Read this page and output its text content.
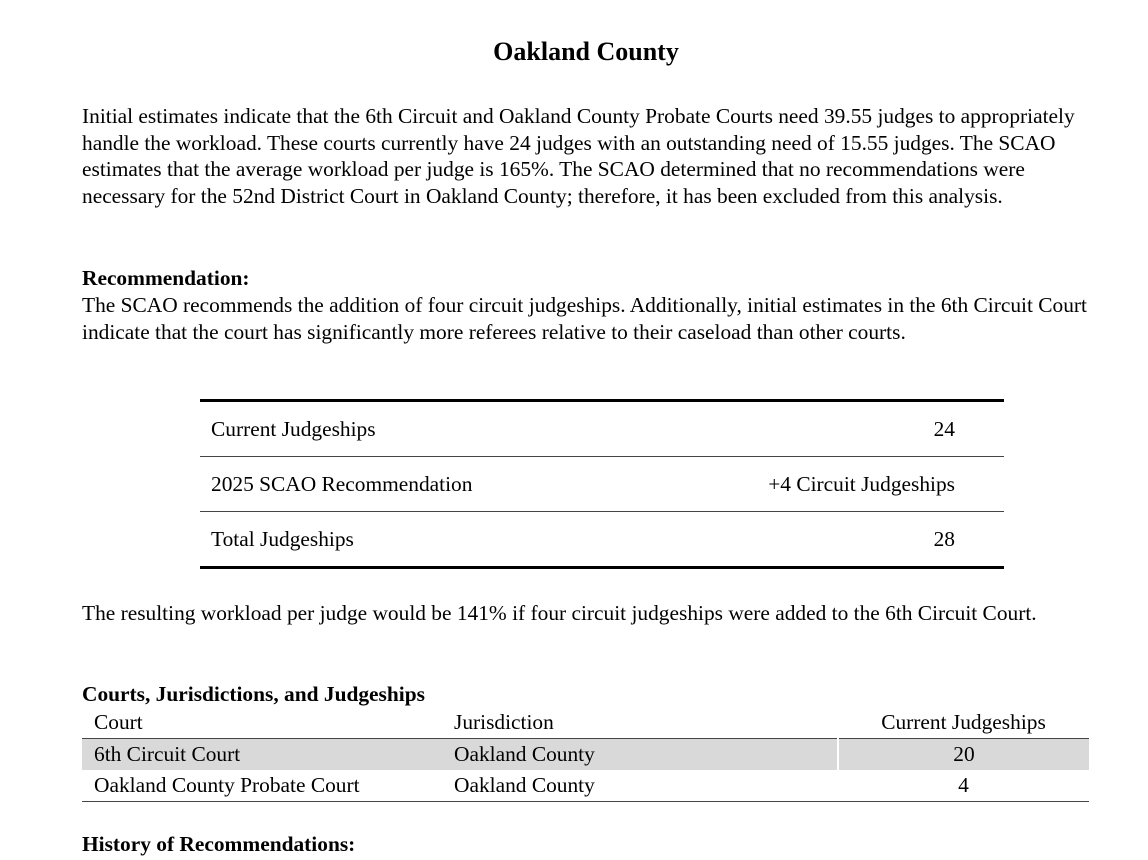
Oakland County

Initial estimates indicate that the 6th Circuit and Oakland County Probate Courts need 39.55 judges to appropriately handle the workload. These courts currently have 24 judges with an outstanding need of 15.55 judges. The SCAO estimates that the average workload per judge is 165%. The SCAO determined that no recommendations were necessary for the 52nd District Court in Oakland County; therefore, it has been excluded from this analysis.

Recommendation:

The SCAO recommends the addition of four circuit judgeships. Additionally, initial estimates in the 6th Circuit Court indicate that the court has significantly more referees relative to their caseload than other courts.

Current Judgeships	24
2025 SCAO Recommendation	+4 Circuit Judgeships
Total Judgeships	28

The resulting workload per judge would be 141% if four circuit judgeships were added to the 6th Circuit Court.

Courts, Jurisdictions, and Judgeships

Court	Jurisdiction	Current Judgeships
6th Circuit Court	Oakland County	20
Oakland County Probate Court	Oakland County	4

History of Recommendations:
